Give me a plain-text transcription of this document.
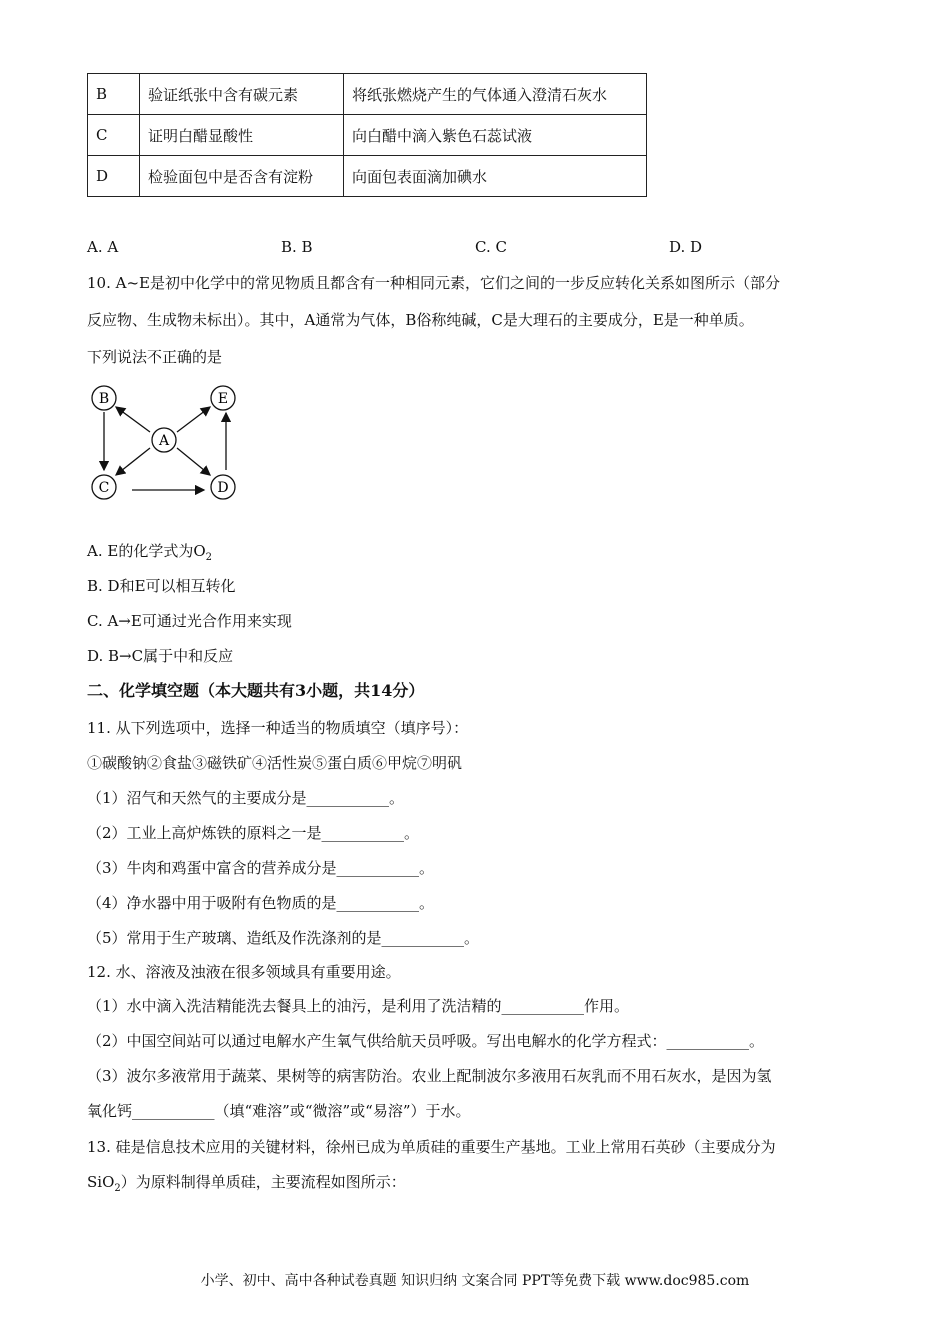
B	验证纸张中含有碳元素	将纸张燃烧产生的气体通入澄清石灰水
C	证明白醋显酸性	向白醋中滴入紫色石蕊试液
D	检验面包中是否含有淀粉	向面包表面滴加碘水
A. A	B. B	C. C	D. D
10. A~E是初中化学中的常见物质且都含有一种相同元素，它们之间的一步反应转化关系如图所示（部分
反应物、生成物未标出）。其中，A通常为气体，B俗称纯碱，C是大理石的主要成分，E是一种单质。
下列说法不正确的是
B	E
A
C	D
A. E的化学式为$O_2$
B. D和E可以相互转化
C. A→E可通过光合作用来实现
D. B→C属于中和反应
二、化学填空题（本大题共有3小题，共14分）
11. 从下列选项中，选择一种适当的物质填空（填序号）：
①碳酸钠②食盐③磁铁矿④活性炭⑤蛋白质⑥甲烷⑦明矾
（1）沼气和天然气的主要成分是___________。
（2）工业上高炉炼铁的原料之一是___________。
（3）牛肉和鸡蛋中富含的营养成分是___________。
（4）净水器中用于吸附有色物质的是___________。
（5）常用于生产玻璃、造纸及作洗涤剂的是___________。
12. 水、溶液及浊液在很多领域具有重要用途。
（1）水中滴入洗洁精能洗去餐具上的油污，是利用了洗洁精的___________作用。
（2）中国空间站可以通过电解水产生氧气供给航天员呼吸。写出电解水的化学方程式：___________。
（3）波尔多液常用于蔬菜、果树等的病害防治。农业上配制波尔多液用石灰乳而不用石灰水，是因为氢
氧化钙___________（填“难溶”或“微溶”或“易溶”）于水。
13. 硅是信息技术应用的关键材料，徐州已成为单质硅的重要生产基地。工业上常用石英砂（主要成分为
SiO$_2$）为原料制得单质硅，主要流程如图所示：
小学、初中、高中各种试卷真题 知识归纳 文案合同 PPT等免费下载 www.doc985.com
